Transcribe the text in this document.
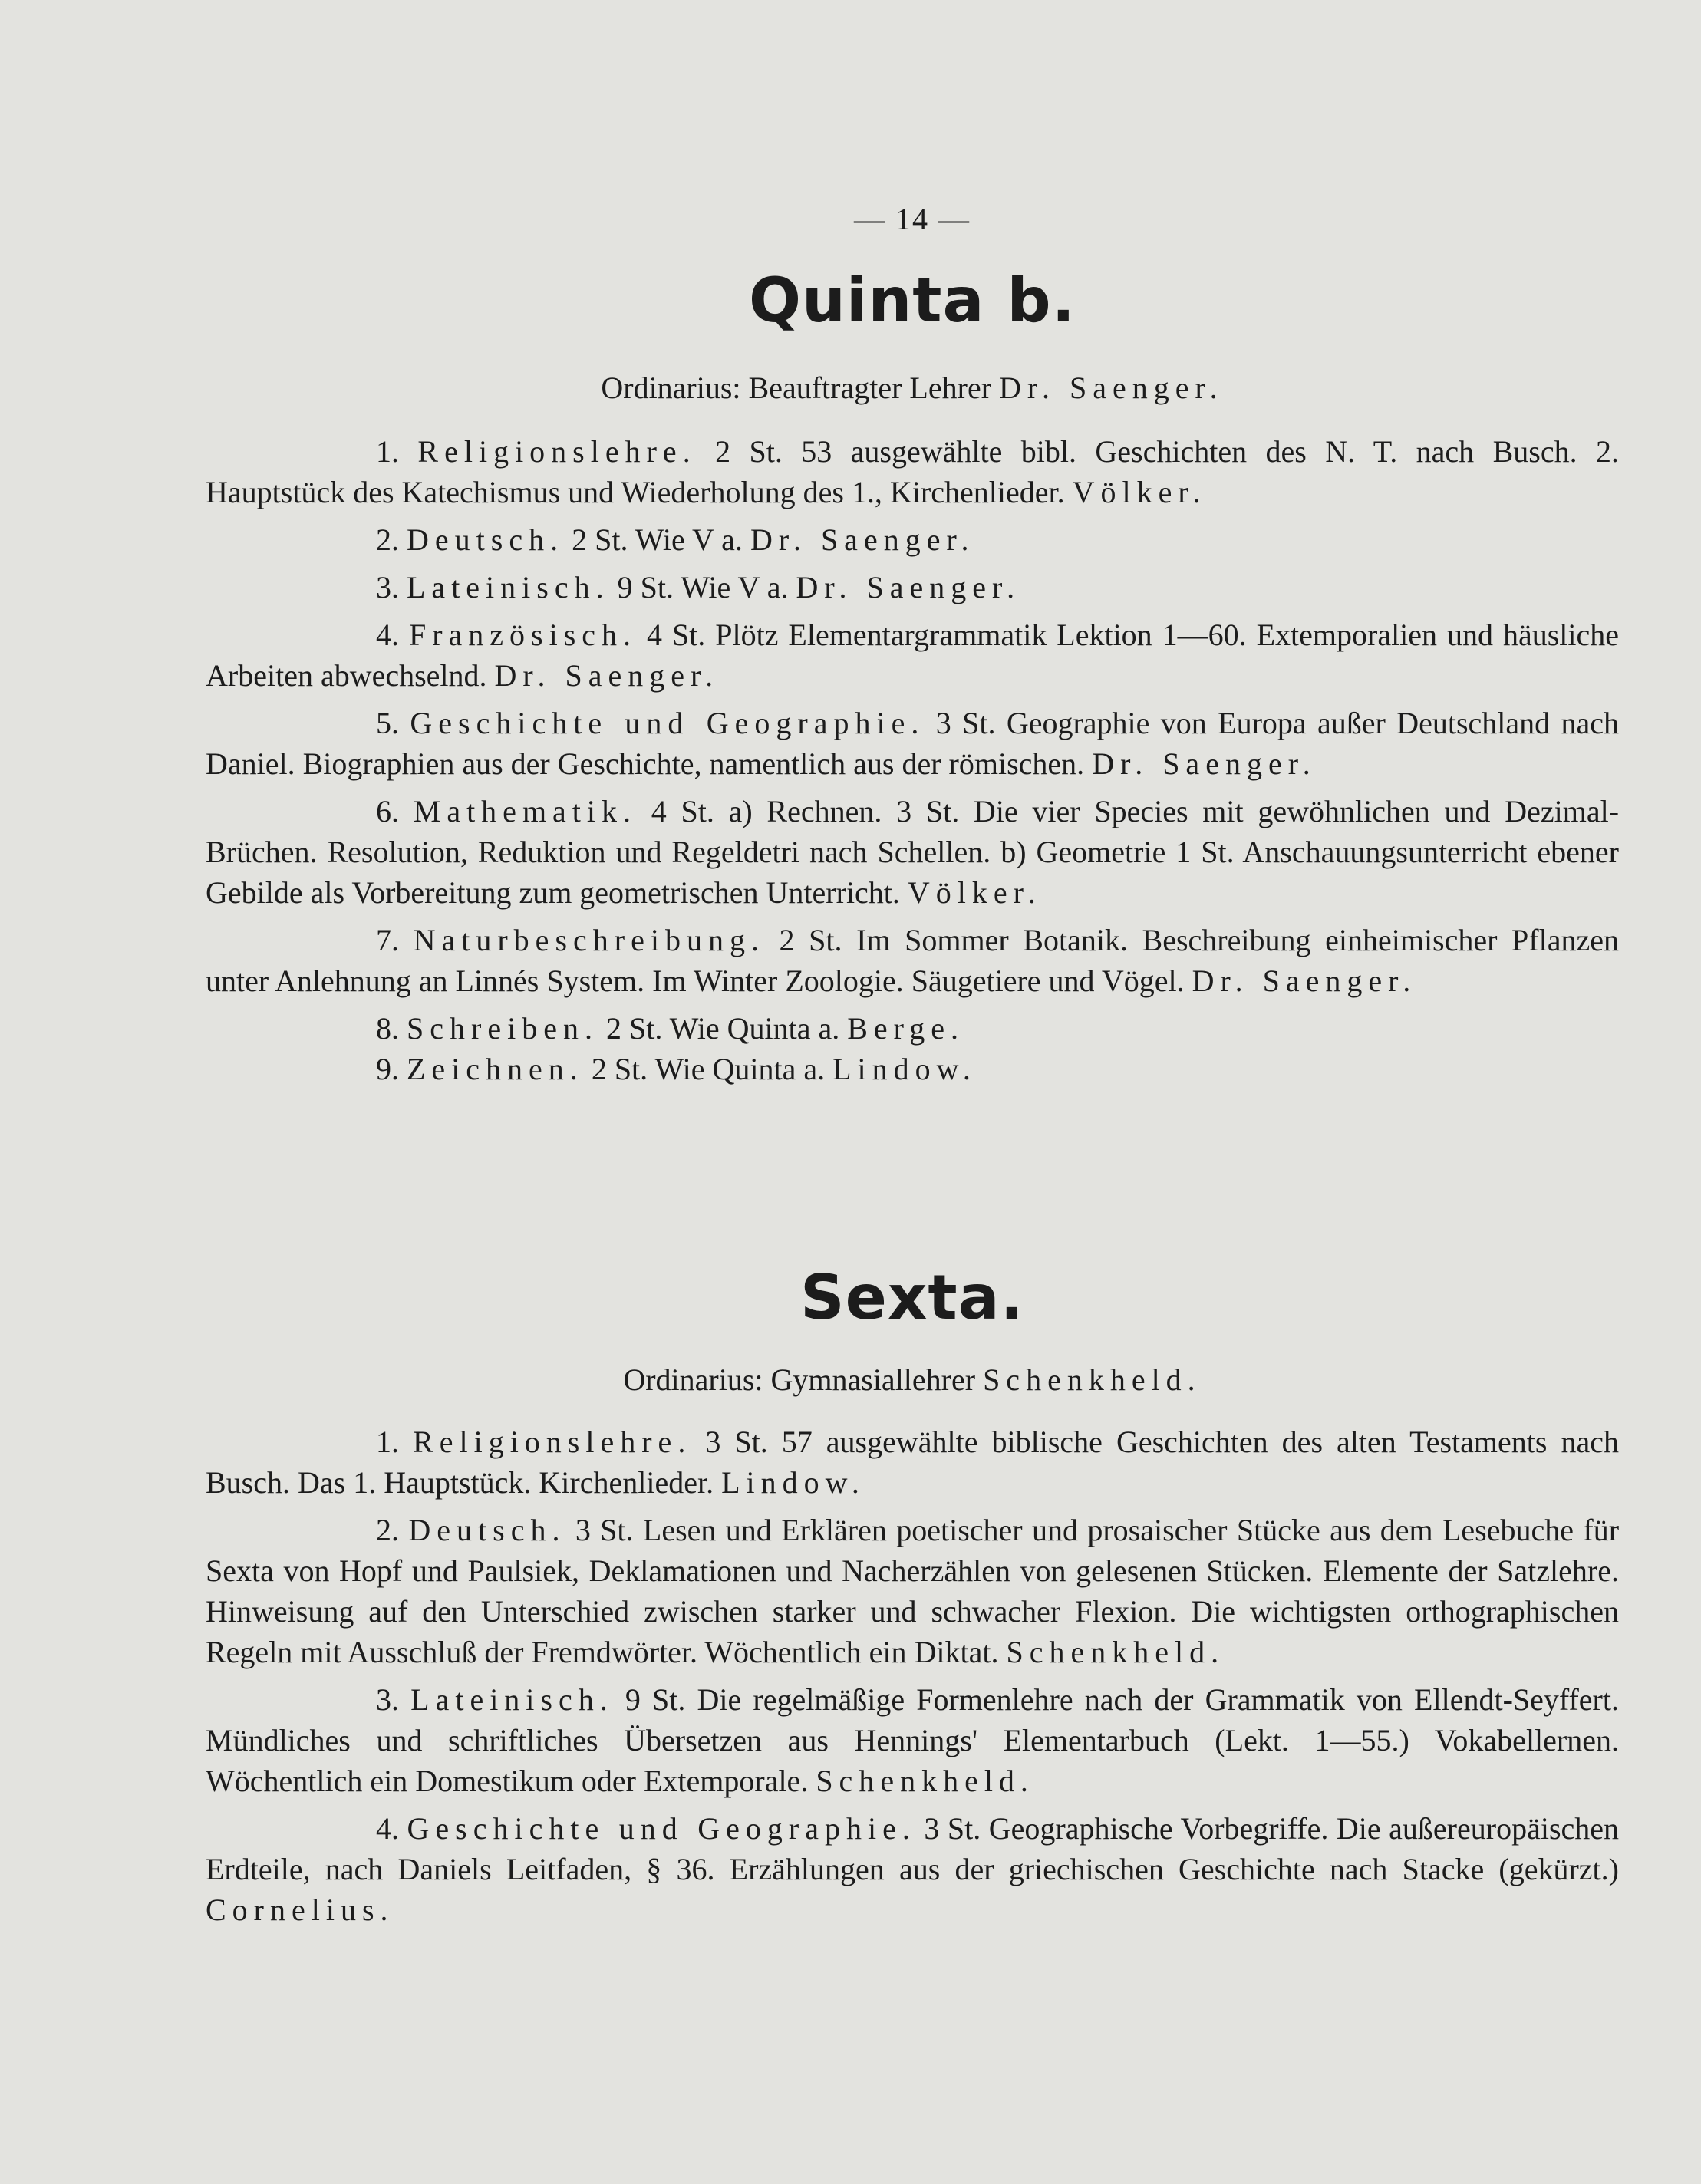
— 14 —
Quinta b.
Ordinarius: Beauftragter Lehrer Dr. Saenger.

1. Religionslehre. 2 St. 53 ausgewählte bibl. Geschichten des N. T. nach Busch. 2. Hauptstück des Katechismus und Wiederholung des 1., Kirchenlieder. Völker.

2. Deutsch. 2 St. Wie V a. Dr. Saenger.

3. Lateinisch. 9 St. Wie V a. Dr. Saenger.

4. Französisch. 4 St. Plötz Elementargrammatik Lektion 1—60. Extemporalien und häusliche Arbeiten abwechselnd. Dr. Saenger.

5. Geschichte und Geographie. 3 St. Geographie von Europa außer Deutschland nach Daniel. Biographien aus der Geschichte, namentlich aus der römischen. Dr. Saenger.

6. Mathematik. 4 St. a) Rechnen. 3 St. Die vier Species mit gewöhnlichen und Dezimal-Brüchen. Resolution, Reduktion und Regeldetri nach Schellen. b) Geometrie 1 St. Anschauungsunterricht ebener Gebilde als Vorbereitung zum geometrischen Unterricht. Völker.

7. Naturbeschreibung. 2 St. Im Sommer Botanik. Beschreibung einheimischer Pflanzen unter Anlehnung an Linnés System. Im Winter Zoologie. Säugetiere und Vögel. Dr. Saenger.

8. Schreiben. 2 St. Wie Quinta a. Berge.

9. Zeichnen. 2 St. Wie Quinta a. Lindow.

Sexta.
Ordinarius: Gymnasiallehrer Schenkheld.

1. Religionslehre. 3 St. 57 ausgewählte biblische Geschichten des alten Testaments nach Busch. Das 1. Hauptstück. Kirchenlieder. Lindow.

2. Deutsch. 3 St. Lesen und Erklären poetischer und prosaischer Stücke aus dem Lesebuche für Sexta von Hopf und Paulsiek, Deklamationen und Nacherzählen von gelesenen Stücken. Elemente der Satzlehre. Hinweisung auf den Unterschied zwischen starker und schwacher Flexion. Die wichtigsten orthographischen Regeln mit Ausschluß der Fremdwörter. Wöchentlich ein Diktat. Schenkheld.

3. Lateinisch. 9 St. Die regelmäßige Formenlehre nach der Grammatik von Ellendt-Seyffert. Mündliches und schriftliches Übersetzen aus Hennings' Elementarbuch (Lekt. 1—55.) Vokabellernen. Wöchentlich ein Domestikum oder Extemporale. Schenkheld.

4. Geschichte und Geographie. 3 St. Geographische Vorbegriffe. Die außereuropäischen Erdteile, nach Daniels Leitfaden, § 36. Erzählungen aus der griechischen Geschichte nach Stacke (gekürzt.) Cornelius.
